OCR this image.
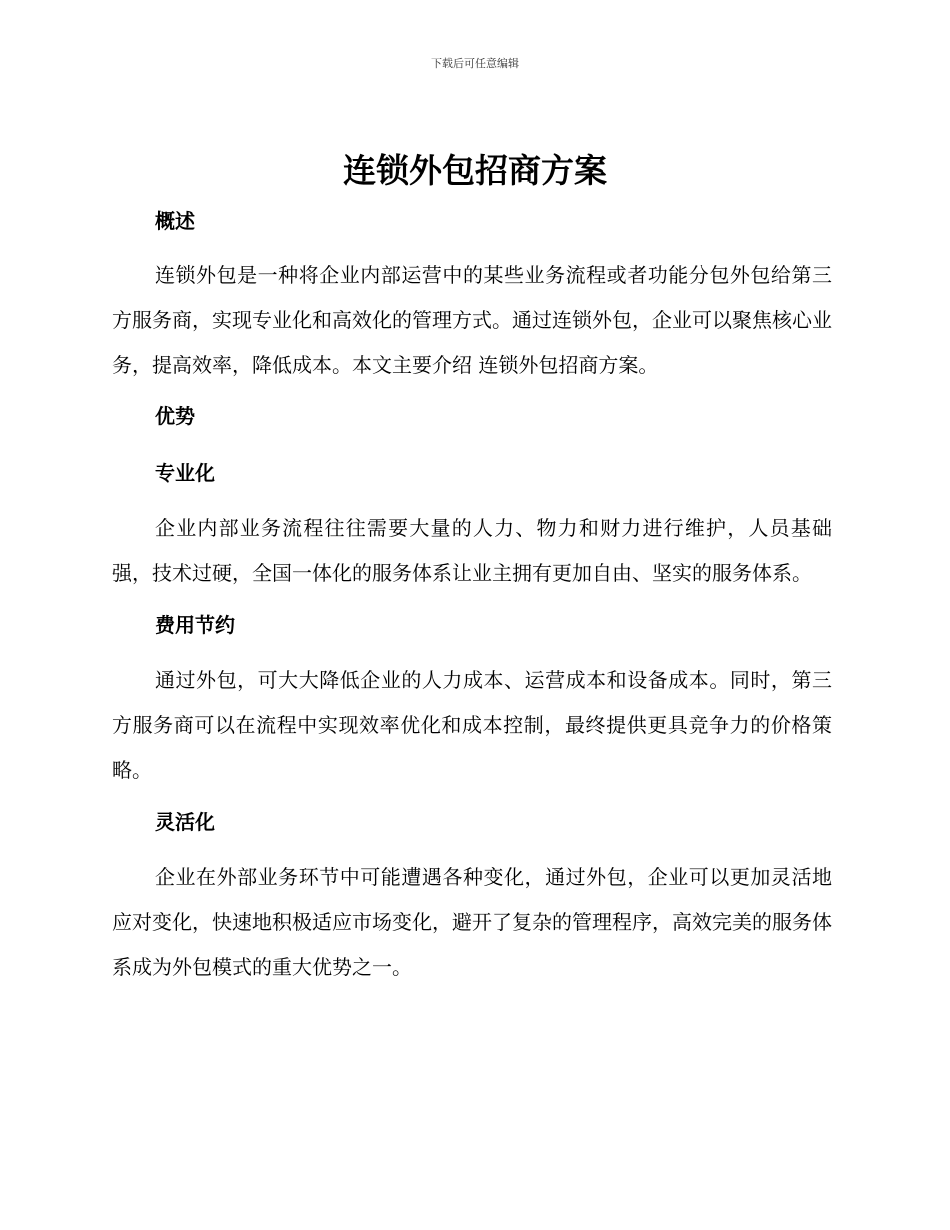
下载后可任意编辑
连锁外包招商方案
概述

连锁外包是一种将企业内部运营中的某些业务流程或者功能分包外包给第三方服务商，实现专业化和高效化的管理方式。通过连锁外包，企业可以聚焦核心业务，提高效率，降低成本。本文主要介绍 连锁外包招商方案。

优势
专业化

企业内部业务流程往往需要大量的人力、物力和财力进行维护，人员基础强，技术过硬，全国一体化的服务体系让业主拥有更加自由、坚实的服务体系。

费用节约

通过外包，可大大降低企业的人力成本、运营成本和设备成本。同时，第三方服务商可以在流程中实现效率优化和成本控制，最终提供更具竞争力的价格策略。

灵活化

企业在外部业务环节中可能遭遇各种变化，通过外包，企业可以更加灵活地应对变化，快速地积极适应市场变化，避开了复杂的管理程序，高效完美的服务体系成为外包模式的重大优势之一。
